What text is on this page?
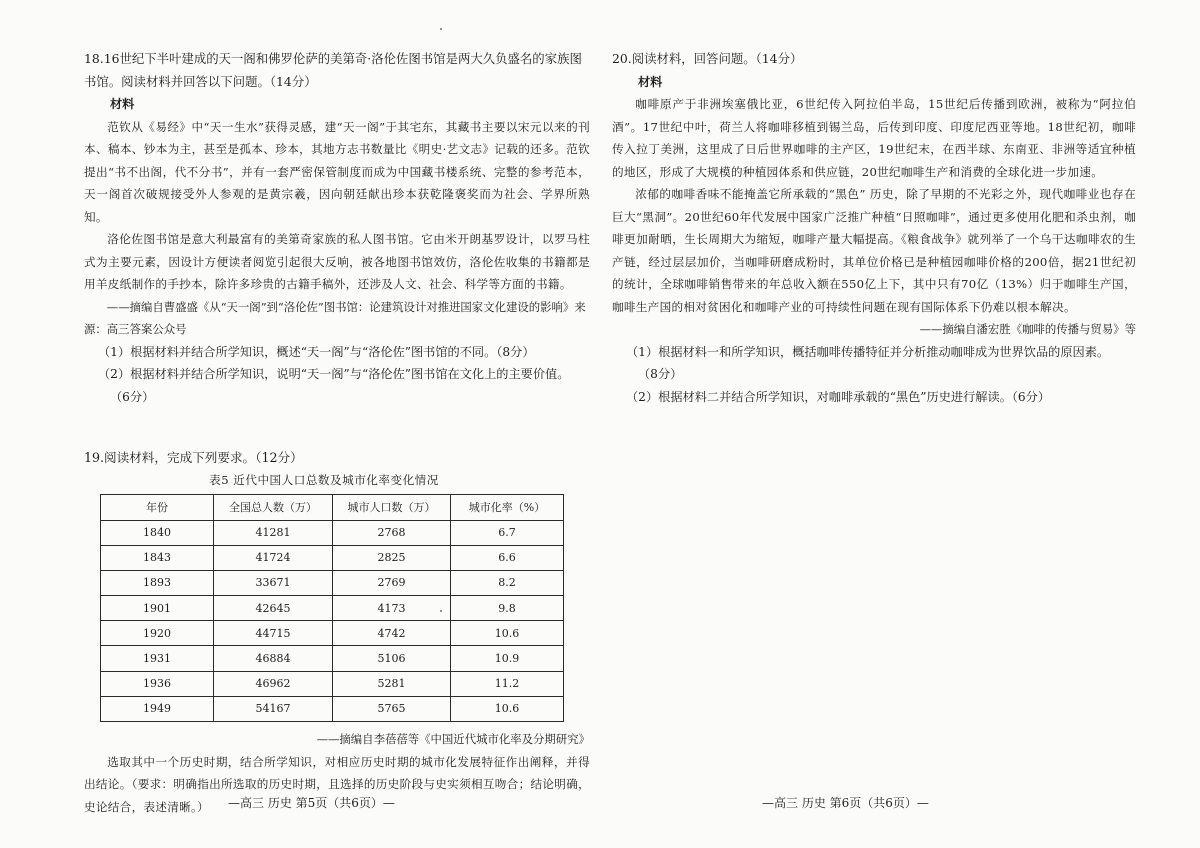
18.16世纪下半叶建成的天一阁和佛罗伦萨的美第奇·洛伦佐图书馆是两大久负盛名的家族图书馆。阅读材料并回答以下问题。（14分）

材料

范钦从《易经》中“天一生水”获得灵感，建“天一阁”于其宅东，其藏书主要以宋元以来的刊本、稿本、钞本为主，甚至是孤本、珍本，其地方志书数量比《明史·艺文志》记载的还多。范钦提出“书不出阁，代不分书”，并有一套严密保管制度而成为中国藏书楼系统、完整的参考范本，天一阁首次破规接受外人参观的是黄宗羲，因向朝廷献出珍本获乾隆褒奖而为社会、学界所熟知。

洛伦佐图书馆是意大利最富有的美第奇家族的私人图书馆。它由米开朗基罗设计，以罗马柱式为主要元素，因设计方便读者阅览引起很大反响，被各地图书馆效仿，洛伦佐收集的书籍都是用羊皮纸制作的手抄本，除许多珍贵的古籍手稿外，还涉及人文、社会、科学等方面的书籍。

——摘编自曹盛盛《从“天一阁”到“洛伦佐”图书馆：论建筑设计对推进国家文化建设的影响》来源：高三答案公众号

（1）根据材料并结合所学知识，概述“天一阁”与“洛伦佐”图书馆的不同。（8分）

（2）根据材料并结合所学知识，说明“天一阁”与“洛伦佐”图书馆在文化上的主要价值。

（6分）

19.阅读材料，完成下列要求。（12分）

表5 近代中国人口总数及城市化率变化情况

年份	全国总人数（万）	城市人口数（万）	城市化率（%）
1840	41281	2768	6.7
1843	41724	2825	6.6
1893	33671	2769	8.2
1901	42645	4173	9.8
1920	44715	4742	10.6
1931	46884	5106	10.9
1936	46962	5281	11.2
1949	54167	5765	10.6

——摘编自李蓓蓓等《中国近代城市化率及分期研究》

选取其中一个历史时期，结合所学知识，对相应历史时期的城市化发展特征作出阐释，并得出结论。（要求：明确指出所选取的历史时期，且选择的历史阶段与史实须相互吻合；结论明确，史论结合，表述清晰。）

20.阅读材料，回答问题。（14分）

材料

咖啡原产于非洲埃塞俄比亚，6世纪传入阿拉伯半岛，15世纪后传播到欧洲，被称为“阿拉伯酒”。17世纪中叶，荷兰人将咖啡移植到锡兰岛，后传到印度、印度尼西亚等地。18世纪初，咖啡传入拉丁美洲，这里成了日后世界咖啡的主产区，19世纪末，在西半球、东南亚、非洲等适宜种植的地区，形成了大规模的种植园体系和供应链，20世纪咖啡生产和消费的全球化进一步加速。

浓郁的咖啡香味不能掩盖它所承载的“黑色” 历史，除了早期的不光彩之外，现代咖啡业也存在巨大“黑洞”。20世纪60年代发展中国家广泛推广种植“日照咖啡”，通过更多使用化肥和杀虫剂，咖啡更加耐晒，生长周期大为缩短，咖啡产量大幅提高。《粮食战争》就列举了一个乌干达咖啡农的生产链，经过层层加价，当咖啡研磨成粉时，其单位价格已是种植园咖啡价格的200倍，据21世纪初的统计，全球咖啡销售带来的年总收入额在550亿上下，其中只有70亿（13%）归于咖啡生产国，咖啡生产国的相对贫困化和咖啡产业的可持续性问题在现有国际体系下仍难以根本解决。

——摘编自潘宏胜《咖啡的传播与贸易》等

（1）根据材料一和所学知识，概括咖啡传播特征并分析推动咖啡成为世界饮品的原因素。

（8分）

（2）根据材料二并结合所学知识，对咖啡承载的“黑色”历史进行解读。（6分）

—高三 历史 第5页（共6页）—	—高三 历史 第6页（共6页）—
